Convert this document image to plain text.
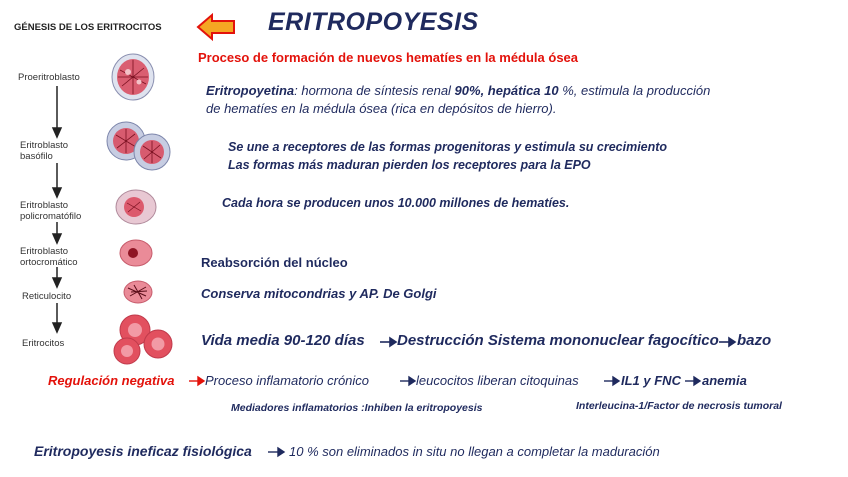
GÉNESIS DE LOS ERITROCITOS
Proeritroblasto
Eritroblasto
basófilo
Eritroblasto
policromatófilo
Eritroblasto
ortocromático
Reticulocito
Eritrocitos
ERITROPOYESIS
Proceso de formación de nuevos hematíes en la médula ósea
Eritropoyetina: hormona de síntesis renal 90%, hepática 10 %, estimula la producción
de hematíes en la médula ósea (rica en depósitos de hierro).
Se une a receptores de las formas progenitoras y estimula su crecimiento
Las formas más maduran pierden los receptores para la EPO
Cada hora se producen unos 10.000 millones de hematíes.
Reabsorción del núcleo
Conserva mitocondrias y AP. De Golgi
Vida media 90-120 días Destrucción Sistema mononuclear fagocítico bazo
Regulación negativa Proceso inflamatorio crónico	leucocitos liberan citoquinas	IL1 y FNC anemia
Mediadores inflamatorios :Inhiben la eritropoyesis	Interleucina-1/Factor de necrosis tumoral
Eritropoyesis ineficaz fisiológica	10 % son eliminados in situ no llegan a completar la maduración
